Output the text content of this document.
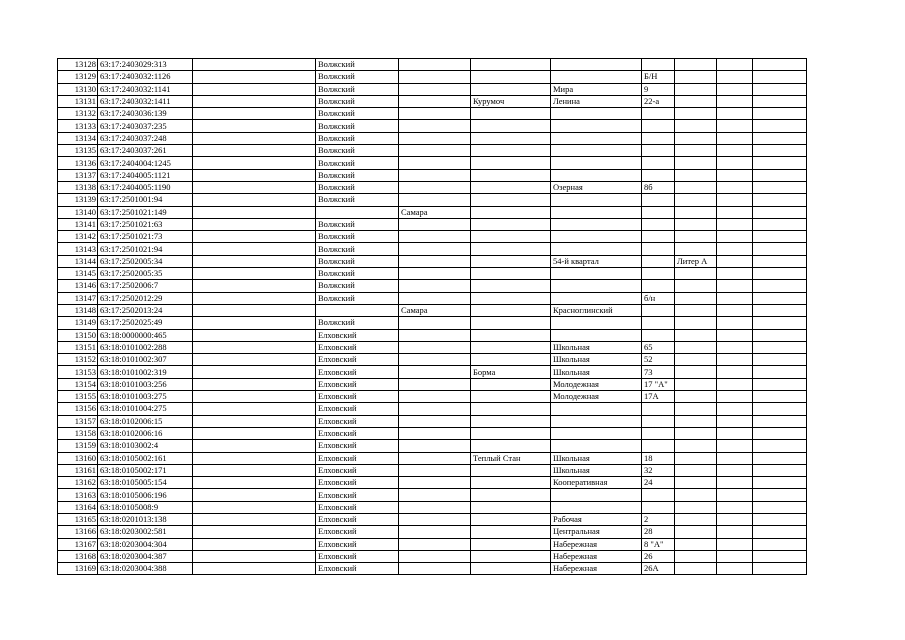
13128	63:17:2403029:313		Волжский							
13129	63:17:2403032:1126		Волжский				Б/Н			
13130	63:17:2403032:1141		Волжский			Мира	9			
13131	63:17:2403032:1411		Волжский		Курумоч	Ленина	22-а			
13132	63:17:2403036:139		Волжский							
13133	63:17:2403037:235		Волжский							
13134	63:17:2403037:248		Волжский							
13135	63:17:2403037:261		Волжский							
13136	63:17:2404004:1245		Волжский							
13137	63:17:2404005:1121		Волжский							
13138	63:17:2404005:1190		Волжский			Озерная	8б			
13139	63:17:2501001:94		Волжский							
13140	63:17:2501021:149			Самара						
13141	63:17:2501021:63		Волжский							
13142	63:17:2501021:73		Волжский							
13143	63:17:2501021:94		Волжский							
13144	63:17:2502005:34		Волжский			54-й квартал		Литер А		
13145	63:17:2502005:35		Волжский							
13146	63:17:2502006:7		Волжский							
13147	63:17:2502012:29		Волжский				б/н			
13148	63:17:2502013:24			Самара		Красноглинский				
13149	63:17:2502025:49		Волжский							
13150	63:18:0000000:465		Елховский							
13151	63:18:0101002:288		Елховский			Школьная	65			
13152	63:18:0101002:307		Елховский			Школьная	52			
13153	63:18:0101002:319		Елховский		Борма	Школьная	73			
13154	63:18:0101003:256		Елховский			Молодежная	17 "А"			
13155	63:18:0101003:275		Елховский			Молодежная	17А			
13156	63:18:0101004:275		Елховский							
13157	63:18:0102006:15		Елховский							
13158	63:18:0102006:16		Елховский							
13159	63:18:0103002:4		Елховский							
13160	63:18:0105002:161		Елховский		Теплый Стан	Школьная	18			
13161	63:18:0105002:171		Елховский			Школьная	32			
13162	63:18:0105005:154		Елховский			Кооперативная	24			
13163	63:18:0105006:196		Елховский							
13164	63:18:0105008:9		Елховский							
13165	63:18:0201013:138		Елховский			Рабочая	2			
13166	63:18:0203002:581		Елховский			Центральная	28			
13167	63:18:0203004:304		Елховский			Набережная	8 "А"			
13168	63:18:0203004:387		Елховский			Набережная	26			
13169	63:18:0203004:388		Елховский			Набережная	26А			
